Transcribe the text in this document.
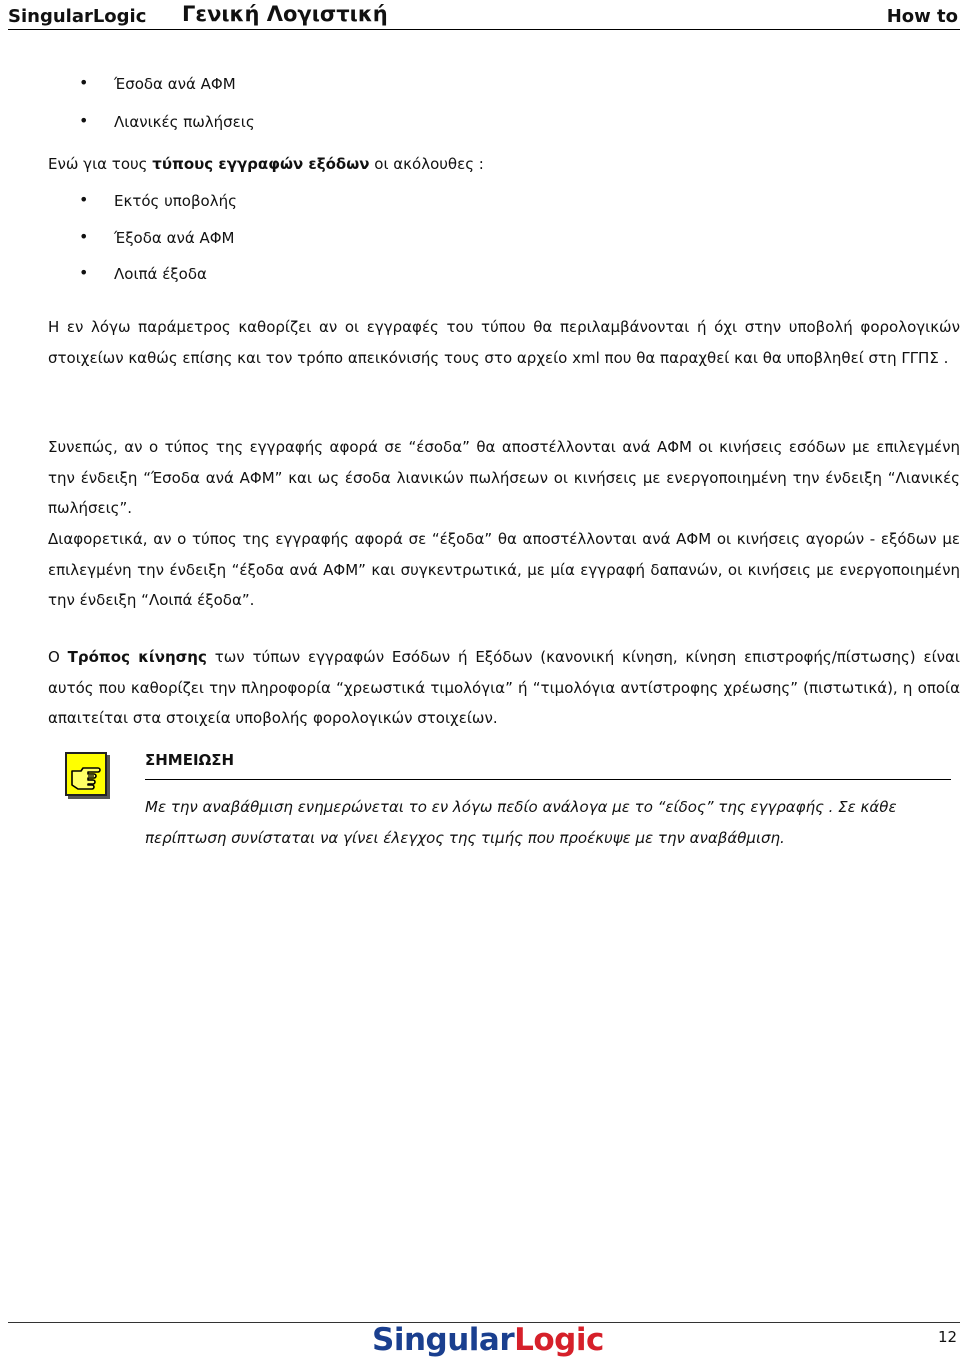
SingularLogic Γενική Λογιστική	How to
• Έσοδα ανά ΑΦΜ
• Λιανικές πωλήσεις

Ενώ για τους τύπους εγγραφών εξόδων οι ακόλουθες :

• Εκτός υποβολής
• Έξοδα ανά ΑΦΜ
• Λοιπά έξοδα

Η εν λόγω παράμετρος καθορίζει αν οι εγγραφές του τύπου θα περιλαμβάνονται ή όχι στην υποβολή φορολογικών στοιχείων καθώς επίσης και τον τρόπο απεικόνισής τους στο αρχείο xml που θα παραχθεί και θα υποβληθεί στη ΓΓΠΣ .

Συνεπώς, αν ο τύπος της εγγραφής αφορά σε “έσοδα” θα αποστέλλονται ανά ΑΦΜ οι κινήσεις εσόδων με επιλεγμένη την ένδειξη “Έσοδα ανά ΑΦΜ” και ως έσοδα λιανικών πωλήσεων οι κινήσεις με ενεργοποιημένη την ένδειξη “Λιανικές πωλήσεις”.

Διαφορετικά, αν ο τύπος της εγγραφής αφορά σε “έξοδα” θα αποστέλλονται ανά ΑΦΜ οι κινήσεις αγορών - εξόδων με επιλεγμένη την ένδειξη “έξοδα ανά ΑΦΜ” και συγκεντρωτικά, με μία εγγραφή δαπανών, οι κινήσεις με ενεργοποιημένη την ένδειξη “Λοιπά έξοδα”.

Ο Τρόπος κίνησης των τύπων εγγραφών Εσόδων ή Εξόδων (κανονική κίνηση, κίνηση επιστροφής/πίστωσης) είναι αυτός που καθορίζει την πληροφορία “χρεωστικά τιμολόγια” ή “τιμολόγια αντίστροφης χρέωσης” (πιστωτικά), η οποία απαιτείται στα στοιχεία υποβολής φορολογικών στοιχείων.

ΣΗΜΕΙΩΣΗ

Με την αναβάθμιση ενημερώνεται το εν λόγω πεδίο ανάλογα με το “είδος” της εγγραφής . Σε κάθε περίπτωση συνίσταται να γίνει έλεγχος της τιμής που προέκυψε με την αναβάθμιση.

SingularLogic	12
